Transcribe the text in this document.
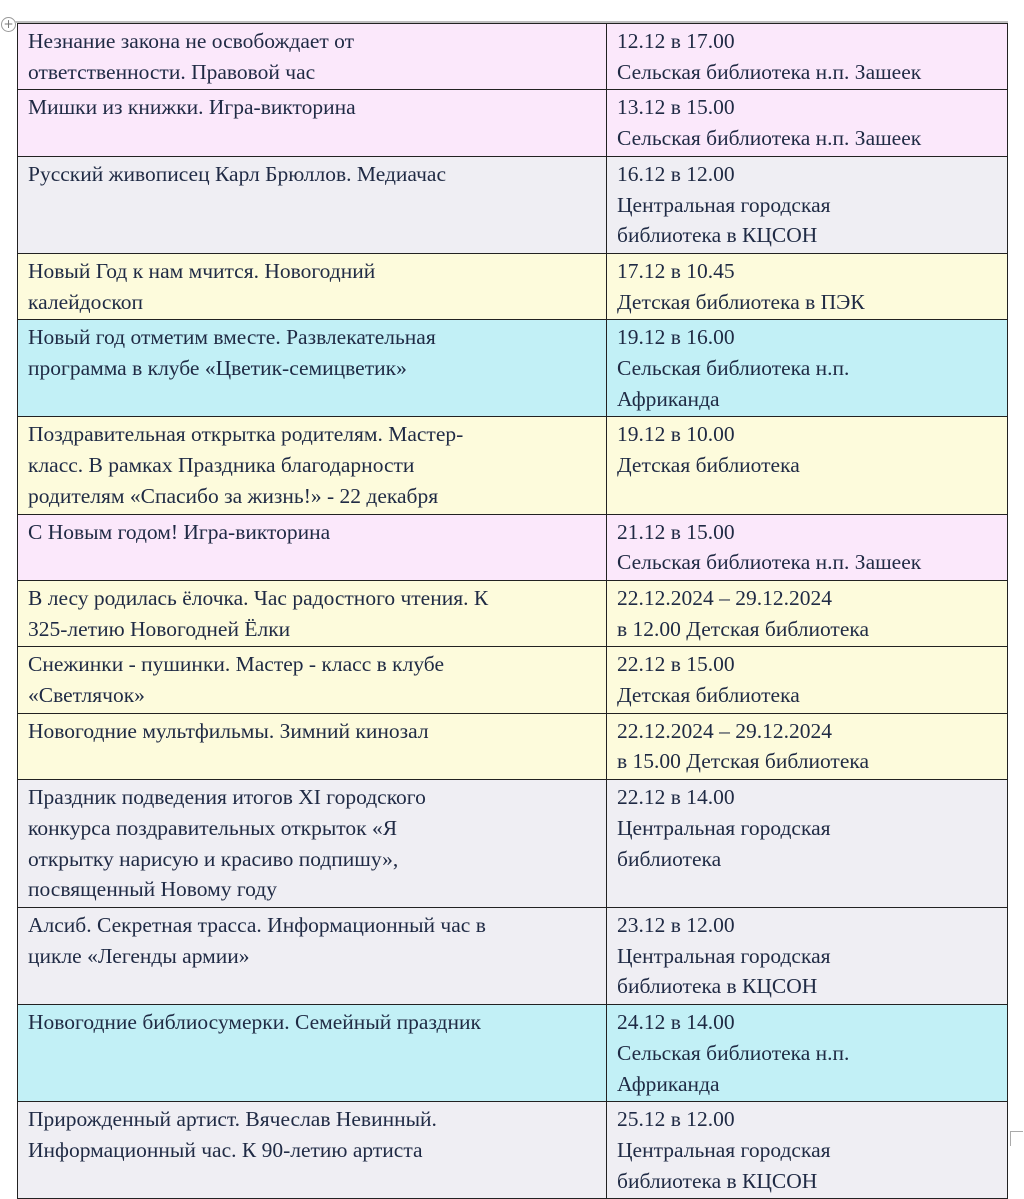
+
Незнание закона не освобождает от
ответственности. Правовой час	12.12 в 17.00
Сельская библиотека н.п. Зашеек

Мишки из книжки. Игра-викторина	13.12 в 15.00
Сельская библиотека н.п. Зашеек

Русский живописец Карл Брюллов. Медиачас	16.12 в 12.00
Центральная городская
библиотека в КЦСОН

Новый Год к нам мчится. Новогодний
калейдоскоп	17.12 в 10.45
Детская библиотека в ПЭК

Новый год отметим вместе. Развлекательная
программа в клубе «Цветик-семицветик»	19.12 в 16.00
Сельская библиотека н.п.
Африканда

Поздравительная открытка родителям. Мастер-
класс. В рамках Праздника благодарности
родителям «Спасибо за жизнь!» - 22 декабря	19.12 в 10.00
Детская библиотека

С Новым годом! Игра-викторина	21.12 в 15.00
Сельская библиотека н.п. Зашеек

В лесу родилась ёлочка. Час радостного чтения. К
325-летию Новогодней Ёлки	22.12.2024 – 29.12.2024
в 12.00 Детская библиотека

Снежинки - пушинки. Мастер - класс в клубе
«Светлячок»	22.12 в 15.00
Детская библиотека

Новогодние мультфильмы. Зимний кинозал	22.12.2024 – 29.12.2024
в 15.00 Детская библиотека

Праздник подведения итогов XI городского
конкурса поздравительных открыток «Я
открытку нарисую и красиво подпишу»,
посвященный Новому году	22.12 в 14.00
Центральная городская
библиотека

Алсиб. Секретная трасса. Информационный час в
цикле «Легенды армии»	23.12 в 12.00
Центральная городская
библиотека в КЦСОН

Новогодние библиосумерки. Семейный праздник	24.12 в 14.00
Сельская библиотека н.п.
Африканда

Прирожденный артист. Вячеслав Невинный.
Информационный час. К 90-летию артиста	25.12 в 12.00
Центральная городская
библиотека в КЦСОН
